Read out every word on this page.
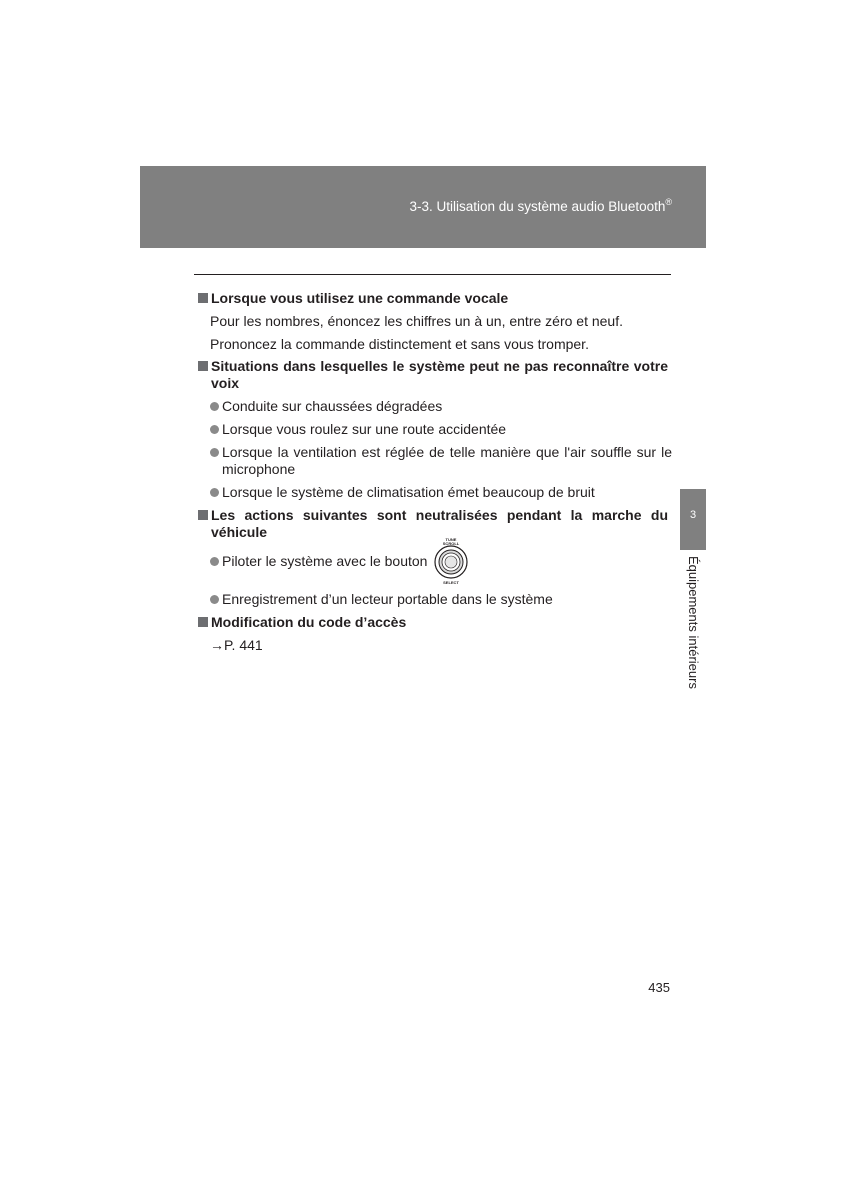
3-3. Utilisation du système audio Bluetooth®
Lorsque vous utilisez une commande vocale
Pour les nombres, énoncez les chiffres un à un, entre zéro et neuf.
Prononcez la commande distinctement et sans vous tromper.
Situations dans lesquelles le système peut ne pas reconnaître votre voix
Conduite sur chaussées dégradées
Lorsque vous roulez sur une route accidentée
Lorsque la ventilation est réglée de telle manière que l'air souffle sur le microphone
Lorsque le système de climatisation émet beaucoup de bruit
Les actions suivantes sont neutralisées pendant la marche du véhicule
Piloter le système avec le bouton
TUNE
SCROLL
SELECT
Enregistrement d’un lecteur portable dans le système
Modification du code d’accès
→P. 441
3
Équipements intérieurs
435
